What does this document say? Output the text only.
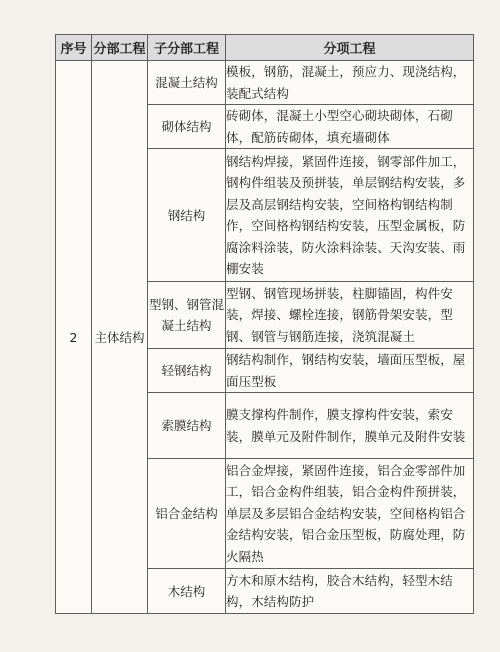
序号	分部工程	子分部工程	分项工程
2	主体结构	混凝土结构	模板，钢筋，混凝土，预应力、现浇结构，装配式结构
		砌体结构	砖砌体，混凝土小型空心砌块砌体，石砌体，配筋砖砌体，填充墙砌体
		钢结构	钢结构焊接，紧固件连接，钢零部件加工，钢构件组装及预拼装，单层钢结构安装，多层及高层钢结构安装，空间格构钢结构制作，空间格构钢结构安装，压型金属板，防腐涂料涂装，防火涂料涂装、天沟安装、雨棚安装
		型钢、钢管混凝土结构	型钢、钢管现场拼装，柱脚锚固，构件安装，焊接、螺栓连接，钢筋骨架安装，型钢、钢管与钢筋连接，浇筑混凝土
		轻钢结构	钢结构制作，钢结构安装，墙面压型板，屋面压型板
		索膜结构	膜支撑构件制作，膜支撑构件安装，索安装，膜单元及附件制作，膜单元及附件安装
		铝合金结构	铝合金焊接，紧固件连接，铝合金零部件加工，铝合金构件组装，铝合金构件预拼装，单层及多层铝合金结构安装，空间格构铝合金结构安装，铝合金压型板，防腐处理，防火隔热
		木结构	方木和原木结构，胶合木结构，轻型木结构，木结构防护
